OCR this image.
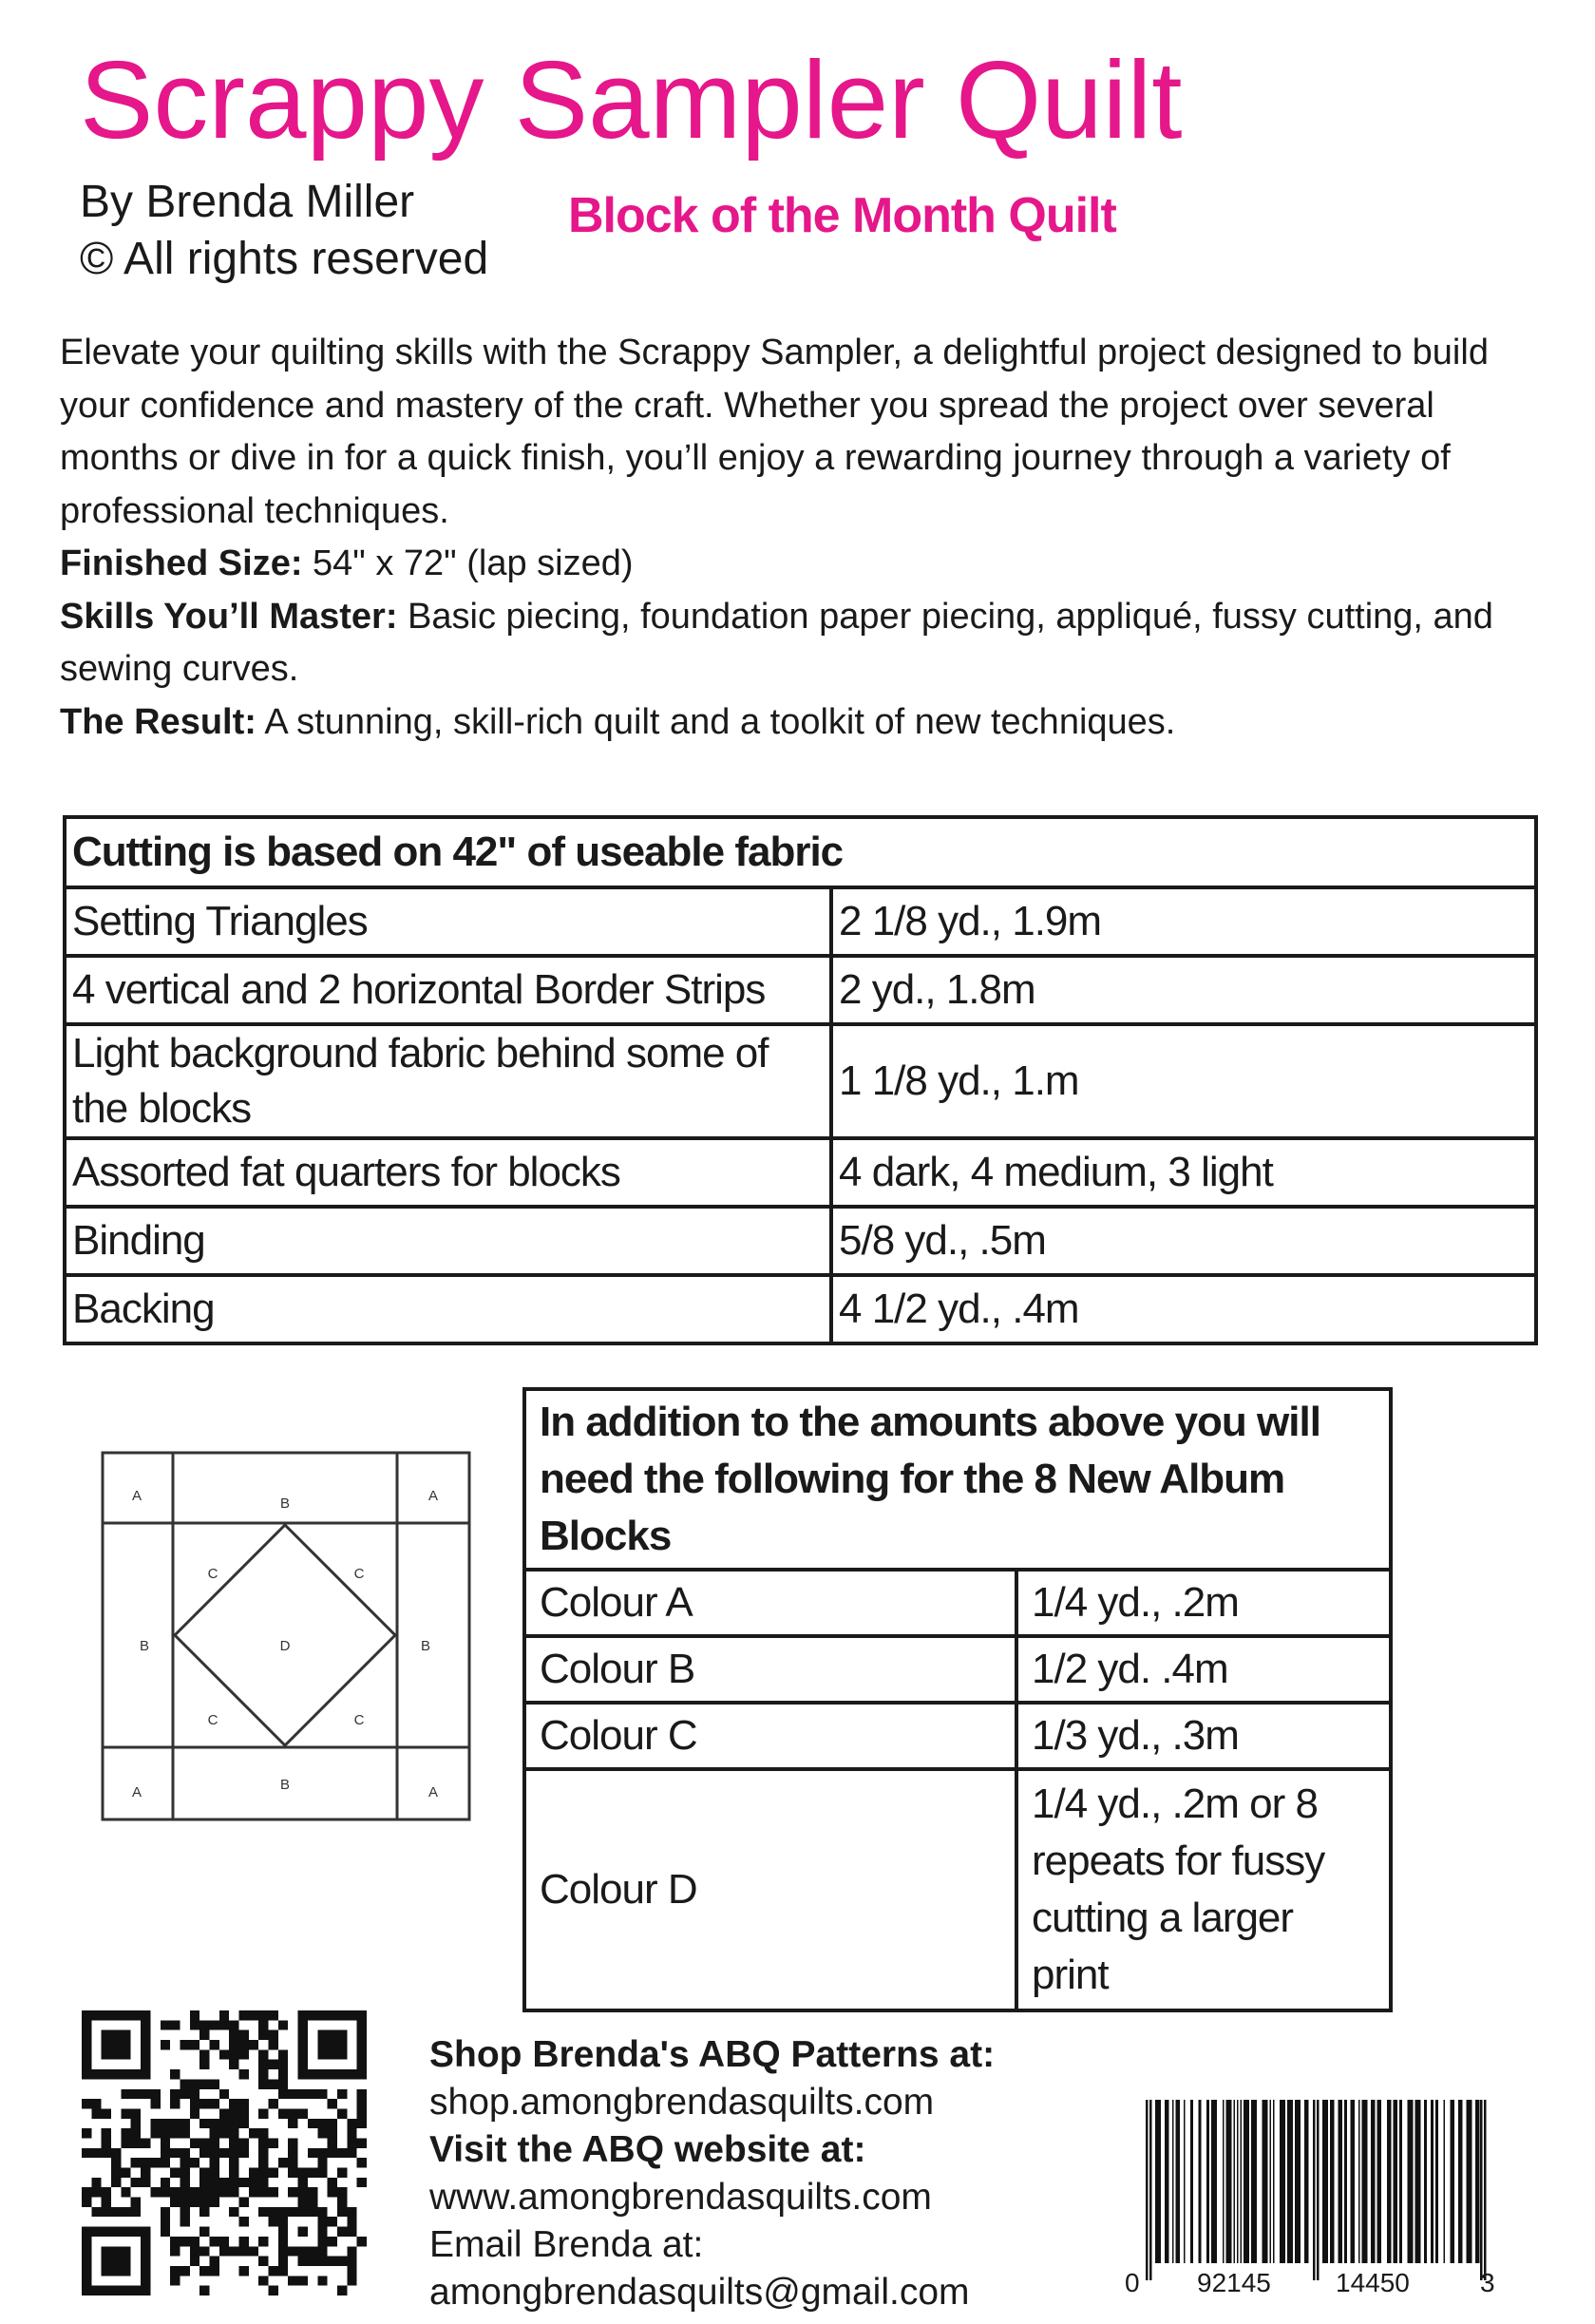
Scrappy Sampler Quilt
By Brenda Miller
© All rights reserved
Block of the Month Quilt

Elevate your quilting skills with the Scrappy Sampler, a delightful project designed to build your confidence and mastery of the craft. Whether you spread the project over several months or dive in for a quick finish, you’ll enjoy a rewarding journey through a variety of professional techniques.

Finished Size: 54" x 72" (lap sized)

Skills You’ll Master: Basic piecing, foundation paper piecing, appliqué, fussy cutting, and sewing curves.

The Result: A stunning, skill-rich quilt and a toolkit of new techniques.

Cutting is based on 42" of useable fabric	
Setting Triangles	2 1/8 yd., 1.9m
4 vertical and 2 horizontal Border Strips	2 yd., 1.8m
Light background fabric behind some of the blocks	1 1/8 yd., 1.m
Assorted fat quarters for blocks	4 dark, 4 medium, 3 light
Binding	5/8 yd., .5m
Backing	4 1/2 yd., .4m
A	A
A	A
B
B
B	B
C	C
C	C
D
In addition to the amounts above you will need the following for the 8 New Album Blocks	
Colour A	1/4 yd., .2m
Colour B	1/2 yd. .4m
Colour C	1/3 yd., .3m
Colour D	1/4 yd., .2m or 8 repeats for fussy cutting a larger print
Shop Brenda's ABQ Patterns at:
shop.amongbrendasquilts.com
Visit the ABQ website at:
www.amongbrendasquilts.com
Email Brenda at:
amongbrendasquilts@gmail.com	0 92145 14450	3
